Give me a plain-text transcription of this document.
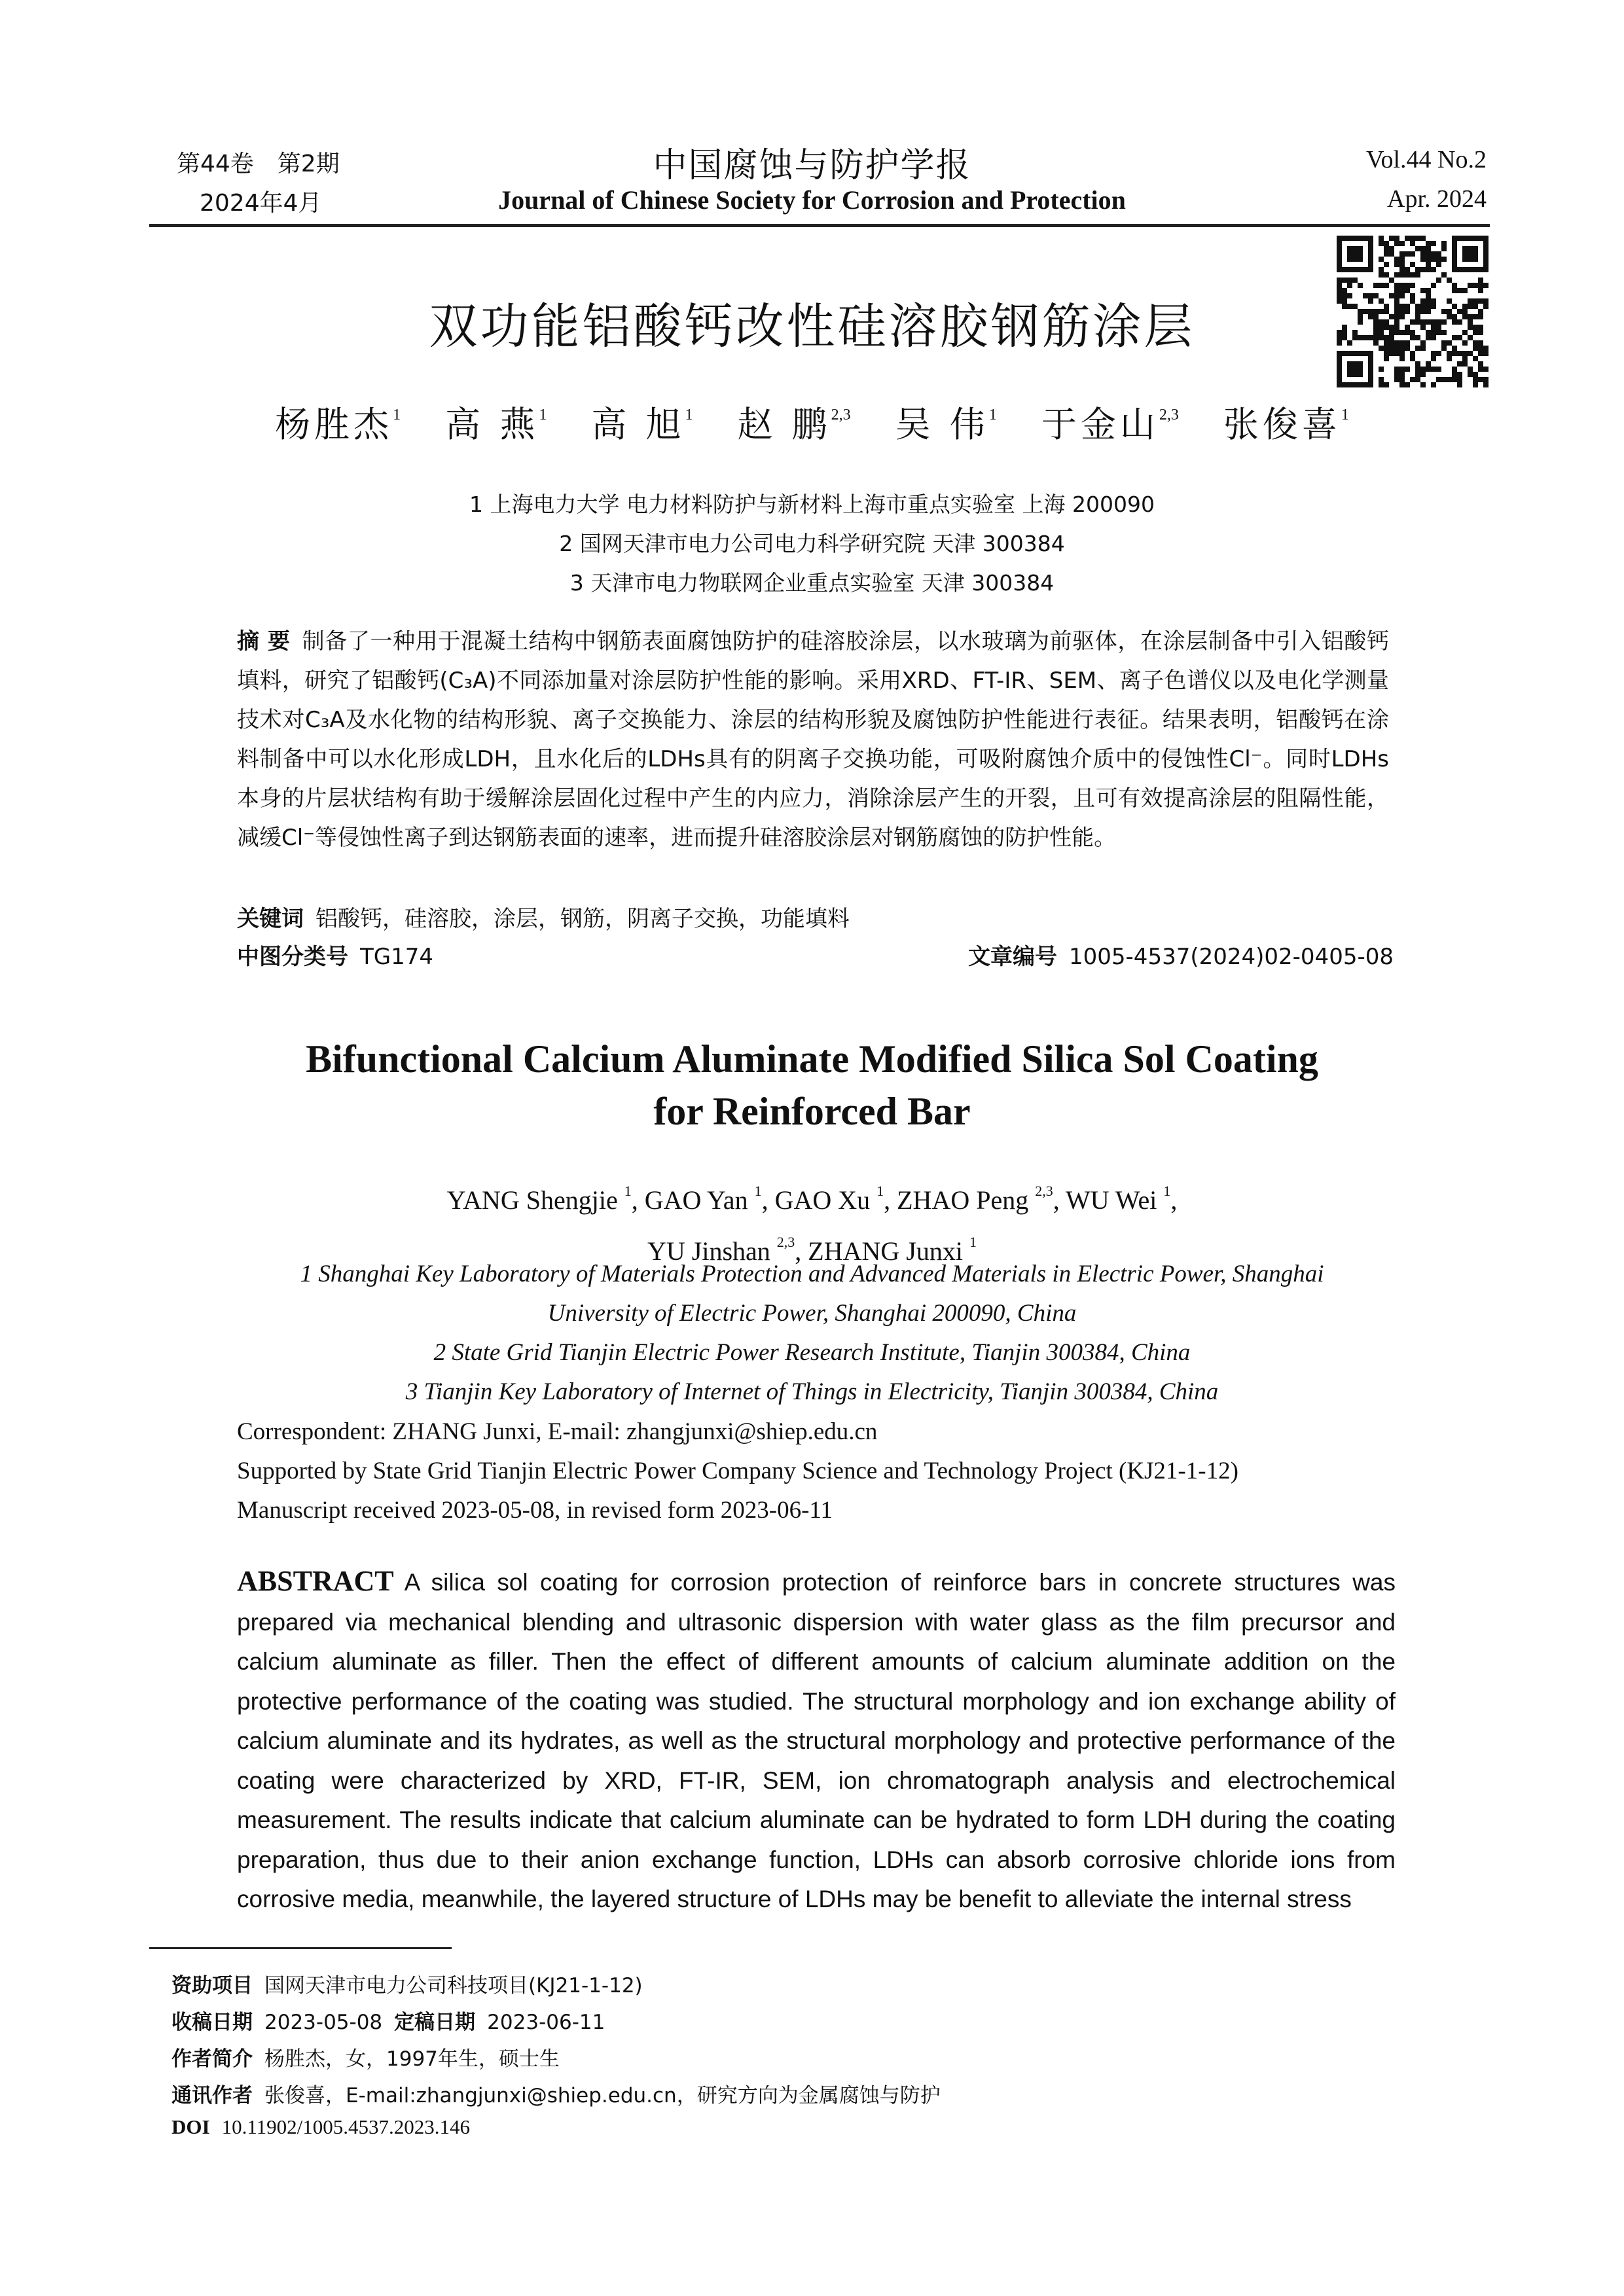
第44卷　第2期
2024年4月
中国腐蚀与防护学报
Journal of Chinese Society for Corrosion and Protection
Vol.44 No.2
Apr. 2024
双功能铝酸钙改性硅溶胶钢筋涂层
杨胜杰$^1$ 高 燕$^1$ 高 旭$^1$ 赵 鹏$^{2,3}$ 吴 伟$^1$ 于金山$^{2,3}$ 张俊喜$^1$
1 上海电力大学 电力材料防护与新材料上海市重点实验室 上海 200090
2 国网天津市电力公司电力科学研究院 天津 300384
3 天津市电力物联网企业重点实验室 天津 300384
摘 要 制备了一种用于混凝土结构中钢筋表面腐蚀防护的硅溶胶涂层，以水玻璃为前驱体，在涂层制备中引入铝酸钙填料，研究了铝酸钙(C₃A)不同添加量对涂层防护性能的影响。采用XRD、FT-IR、SEM、离子色谱仪以及电化学测量技术对C₃A及水化物的结构形貌、离子交换能力、涂层的结构形貌及腐蚀防护性能进行表征。结果表明，铝酸钙在涂料制备中可以水化形成LDH，且水化后的LDHs具有的阴离子交换功能，可吸附腐蚀介质中的侵蚀性Cl⁻。同时LDHs本身的片层状结构有助于缓解涂层固化过程中产生的内应力，消除涂层产生的开裂，且可有效提高涂层的阻隔性能，减缓Cl⁻等侵蚀性离子到达钢筋表面的速率，进而提升硅溶胶涂层对钢筋腐蚀的防护性能。
关键词 铝酸钙，硅溶胶，涂层，钢筋，阴离子交换，功能填料
中图分类号 TG174	文章编号 1005-4537(2024)02-0405-08
Bifunctional Calcium Aluminate Modified Silica Sol Coating
for Reinforced Bar
YANG Shengjie $^1$, GAO Yan $^1$, GAO Xu $^1$, ZHAO Peng $^{2,3}$, WU Wei $^1$,
YU Jinshan $^{2,3}$, ZHANG Junxi $^1$
1 Shanghai Key Laboratory of Materials Protection and Advanced Materials in Electric Power, Shanghai
University of Electric Power, Shanghai 200090, China
2 State Grid Tianjin Electric Power Research Institute, Tianjin 300384, China
3 Tianjin Key Laboratory of Internet of Things in Electricity, Tianjin 300384, China
Correspondent: ZHANG Junxi, E-mail: zhangjunxi@shiep.edu.cn
Supported by State Grid Tianjin Electric Power Company Science and Technology Project (KJ21-1-12)
Manuscript received 2023-05-08, in revised form 2023-06-11
ABSTRACT A silica sol coating for corrosion protection of reinforce bars in concrete structures was prepared via mechanical blending and ultrasonic dispersion with water glass as the film precursor and calcium aluminate as filler. Then the effect of different amounts of calcium aluminate addition on the protective performance of the coating was studied. The structural morphology and ion exchange ability of calcium aluminate and its hydrates, as well as the structural morphology and protective performance of the coating were characterized by XRD, FT-IR, SEM, ion chromatograph analysis and electrochemical measurement. The results indicate that calcium aluminate can be hydrated to form LDH during the coating preparation, thus due to their anion exchange function, LDHs can absorb corrosive chloride ions from corrosive media, meanwhile, the layered structure of LDHs may be benefit to alleviate the internal stress
资助项目 国网天津市电力公司科技项目(KJ21-1-12)
收稿日期 2023-05-08 定稿日期 2023-06-11
作者简介 杨胜杰，女，1997年生，硕士生
通讯作者 张俊喜，E-mail:zhangjunxi@shiep.edu.cn，研究方向为金属腐蚀与防护
DOI 10.11902/1005.4537.2023.146
